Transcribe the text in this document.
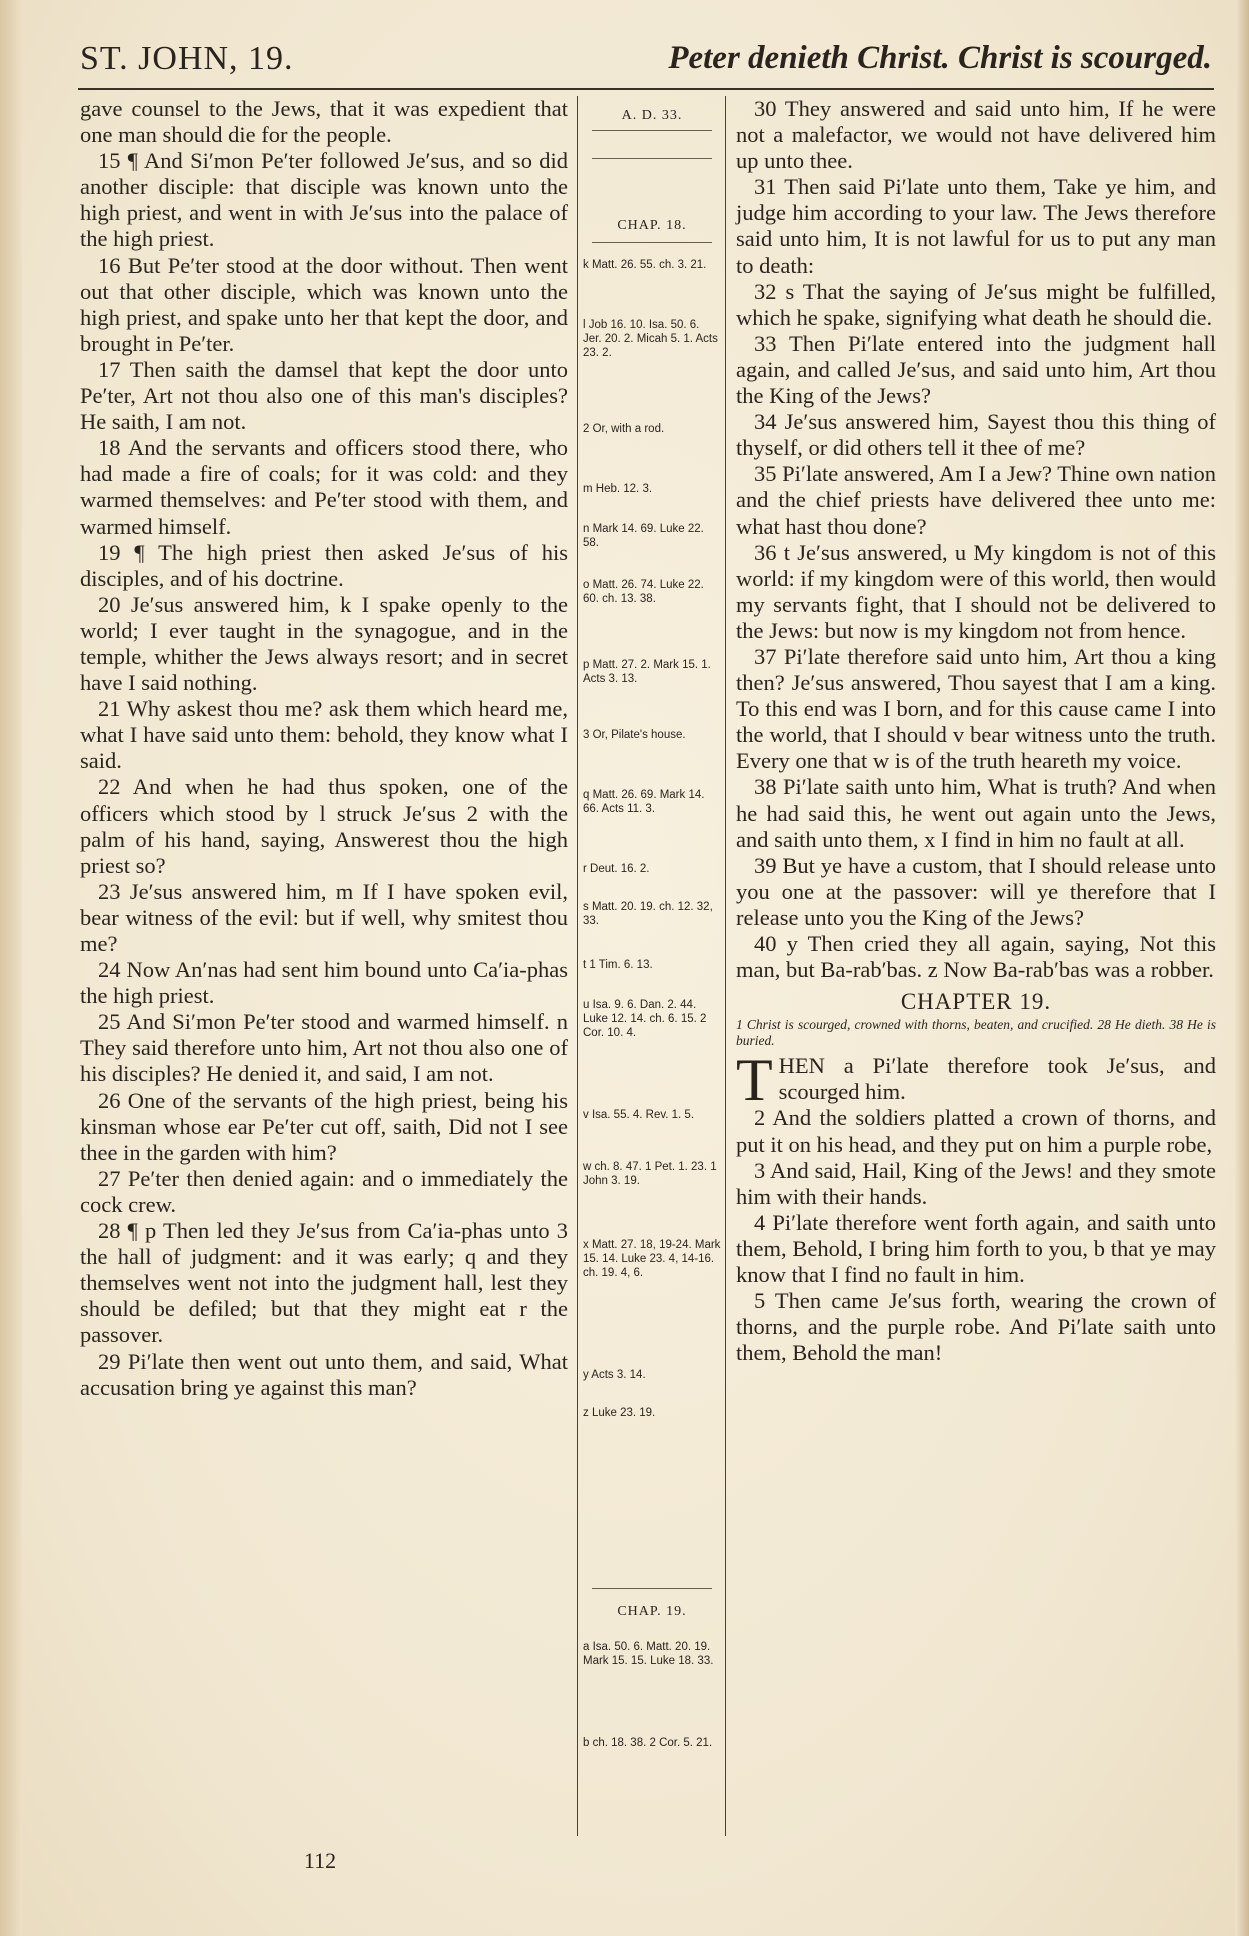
ST. JOHN, 19.	Peter denieth Christ. Christ is scourged.

gave counsel to the Jews, that it was expedient that one man should die for the people.

15 ¶ And Si′mon Pe′ter followed Je′sus, and so did another disciple: that disciple was known unto the high priest, and went in with Je′sus into the palace of the high priest.

16 But Pe′ter stood at the door without. Then went out that other disciple, which was known unto the high priest, and spake unto her that kept the door, and brought in Pe′ter.

17 Then saith the damsel that kept the door unto Pe′ter, Art not thou also one of this man's disciples? He saith, I am not.

18 And the servants and officers stood there, who had made a fire of coals; for it was cold: and they warmed themselves: and Pe′ter stood with them, and warmed himself.

19 ¶ The high priest then asked Je′sus of his disciples, and of his doctrine.

20 Je′sus answered him, k I spake openly to the world; I ever taught in the synagogue, and in the temple, whither the Jews always resort; and in secret have I said nothing.

21 Why askest thou me? ask them which heard me, what I have said unto them: behold, they know what I said.

22 And when he had thus spoken, one of the officers which stood by l struck Je′sus 2 with the palm of his hand, saying, Answerest thou the high priest so?

23 Je′sus answered him, m If I have spoken evil, bear witness of the evil: but if well, why smitest thou me?

24 Now An′nas had sent him bound unto Ca′ia-phas the high priest.

25 And Si′mon Pe′ter stood and warmed himself. n They said therefore unto him, Art not thou also one of his disciples? He denied it, and said, I am not.

26 One of the servants of the high priest, being his kinsman whose ear Pe′ter cut off, saith, Did not I see thee in the garden with him?

27 Pe′ter then denied again: and o immediately the cock crew.

28 ¶ p Then led they Je′sus from Ca′ia-phas unto 3 the hall of judgment: and it was early; q and they themselves went not into the judgment hall, lest they should be defiled; but that they might eat r the passover.

29 Pi′late then went out unto them, and said, What accusation bring ye against this man?

A. D. 33.
CHAP. 18.
k Matt. 26. 55. ch. 3. 21.
l Job 16. 10. Isa. 50. 6. Jer. 20. 2. Micah 5. 1. Acts 23. 2.
2 Or, with a rod.
m Heb. 12. 3.
n Mark 14. 69. Luke 22. 58.
o Matt. 26. 74. Luke 22. 60. ch. 13. 38.
p Matt. 27. 2. Mark 15. 1. Acts 3. 13.
3 Or, Pilate's house.
q Matt. 26. 69. Mark 14. 66. Acts 11. 3.
r Deut. 16. 2.
s Matt. 20. 19. ch. 12. 32, 33.
t 1 Tim. 6. 13.
u Isa. 9. 6. Dan. 2. 44. Luke 12. 14. ch. 6. 15. 2 Cor. 10. 4.
v Isa. 55. 4. Rev. 1. 5.
w ch. 8. 47. 1 Pet. 1. 23. 1 John 3. 19.
x Matt. 27. 18, 19-24. Mark 15. 14. Luke 23. 4, 14-16. ch. 19. 4, 6.
y Acts 3. 14.
z Luke 23. 19.
CHAP. 19.
a Isa. 50. 6. Matt. 20. 19. Mark 15. 15. Luke 18. 33.
b ch. 18. 38. 2 Cor. 5. 21.

30 They answered and said unto him, If he were not a malefactor, we would not have delivered him up unto thee.

31 Then said Pi′late unto them, Take ye him, and judge him according to your law. The Jews therefore said unto him, It is not lawful for us to put any man to death:

32 s That the saying of Je′sus might be fulfilled, which he spake, signifying what death he should die.

33 Then Pi′late entered into the judgment hall again, and called Je′sus, and said unto him, Art thou the King of the Jews?

34 Je′sus answered him, Sayest thou this thing of thyself, or did others tell it thee of me?

35 Pi′late answered, Am I a Jew? Thine own nation and the chief priests have delivered thee unto me: what hast thou done?

36 t Je′sus answered, u My kingdom is not of this world: if my kingdom were of this world, then would my servants fight, that I should not be delivered to the Jews: but now is my kingdom not from hence.

37 Pi′late therefore said unto him, Art thou a king then? Je′sus answered, Thou sayest that I am a king. To this end was I born, and for this cause came I into the world, that I should v bear witness unto the truth. Every one that w is of the truth heareth my voice.

38 Pi′late saith unto him, What is truth? And when he had said this, he went out again unto the Jews, and saith unto them, x I find in him no fault at all.

39 But ye have a custom, that I should release unto you one at the passover: will ye therefore that I release unto you the King of the Jews?

40 y Then cried they all again, saying, Not this man, but Ba-rab′bas. z Now Ba-rab′bas was a robber.

CHAPTER 19.

1 Christ is scourged, crowned with thorns, beaten, and crucified. 28 He dieth. 38 He is buried.

THEN a Pi′late therefore took Je′sus, and scourged him.

2 And the soldiers platted a crown of thorns, and put it on his head, and they put on him a purple robe,

3 And said, Hail, King of the Jews! and they smote him with their hands.

4 Pi′late therefore went forth again, and saith unto them, Behold, I bring him forth to you, b that ye may know that I find no fault in him.

5 Then came Je′sus forth, wearing the crown of thorns, and the purple robe. And Pi′late saith unto them, Behold the man!

112
